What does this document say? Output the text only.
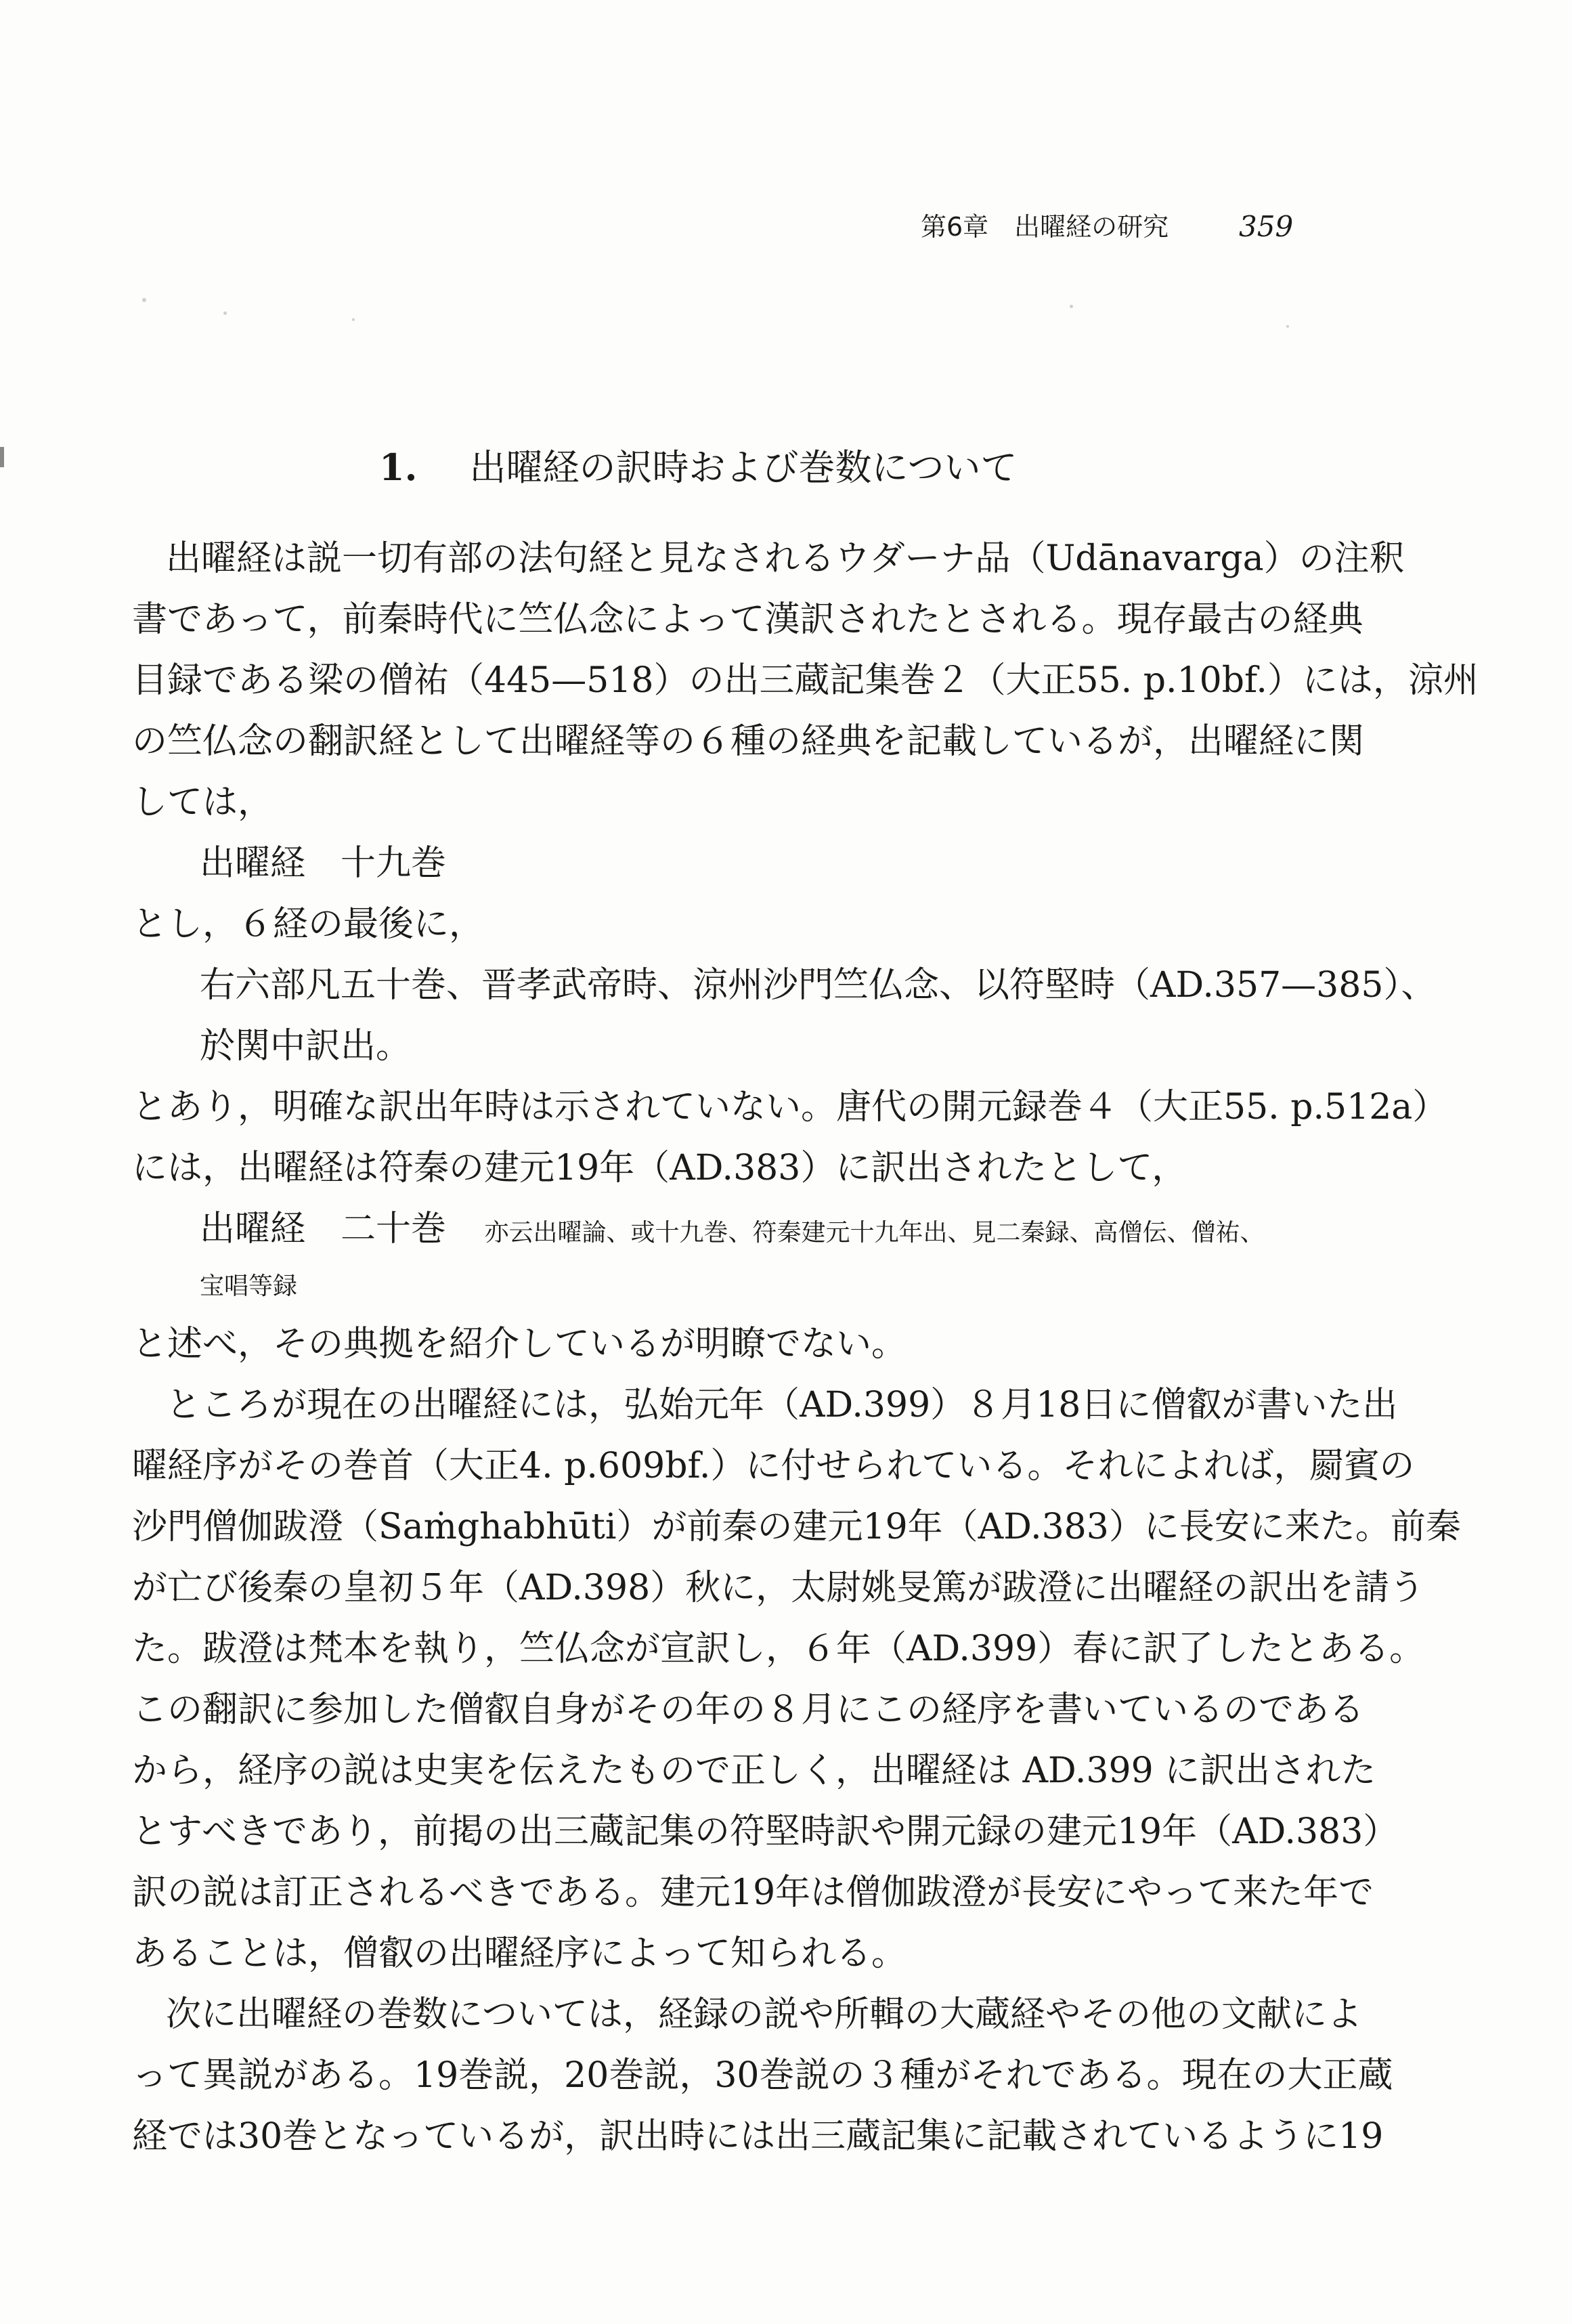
第6章　出曜経の研究 359
1. 出曜経の訳時および巻数について
出曜経は説一切有部の法句経と見なされるウダーナ品（Udānavarga）の注釈
書であって，前秦時代に竺仏念によって漢訳されたとされる。現存最古の経典
目録である梁の僧祐（445—518）の出三蔵記集巻２（大正55. p.10bf.）には，涼州
の竺仏念の翻訳経として出曜経等の６種の経典を記載しているが，出曜経に関
しては，
出曜経　十九巻
とし，６経の最後に，
右六部凡五十巻、晋孝武帝時、涼州沙門竺仏念、以符堅時（AD.357—385）、
於関中訳出。
とあり，明確な訳出年時は示されていない。唐代の開元録巻４（大正55. p.512a）
には，出曜経は符秦の建元19年（AD.383）に訳出されたとして，
出曜経　二十巻 亦云出曜論、或十九巻、符秦建元十九年出、見二秦録、高僧伝、僧祐、
宝唱等録
と述べ，その典拠を紹介しているが明瞭でない。
ところが現在の出曜経には，弘始元年（AD.399）８月18日に僧叡が書いた出
曜経序がその巻首（大正4. p.609bf.）に付せられている。それによれば，罽賓の
沙門僧伽跋澄（Saṁghabhūti）が前秦の建元19年（AD.383）に長安に来た。前秦
が亡び後秦の皇初５年（AD.398）秋に，太尉姚旻篤が跋澄に出曜経の訳出を請う
た。跋澄は梵本を執り，竺仏念が宣訳し，６年（AD.399）春に訳了したとある。
この翻訳に参加した僧叡自身がその年の８月にこの経序を書いているのである
から，経序の説は史実を伝えたもので正しく，出曜経は AD.399 に訳出された
とすべきであり，前掲の出三蔵記集の符堅時訳や開元録の建元19年（AD.383）
訳の説は訂正されるべきである。建元19年は僧伽跋澄が長安にやって来た年で
あることは，僧叡の出曜経序によって知られる。
次に出曜経の巻数については，経録の説や所輯の大蔵経やその他の文献によ
って異説がある。19巻説，20巻説，30巻説の３種がそれである。現在の大正蔵
経では30巻となっているが，訳出時には出三蔵記集に記載されているように19
